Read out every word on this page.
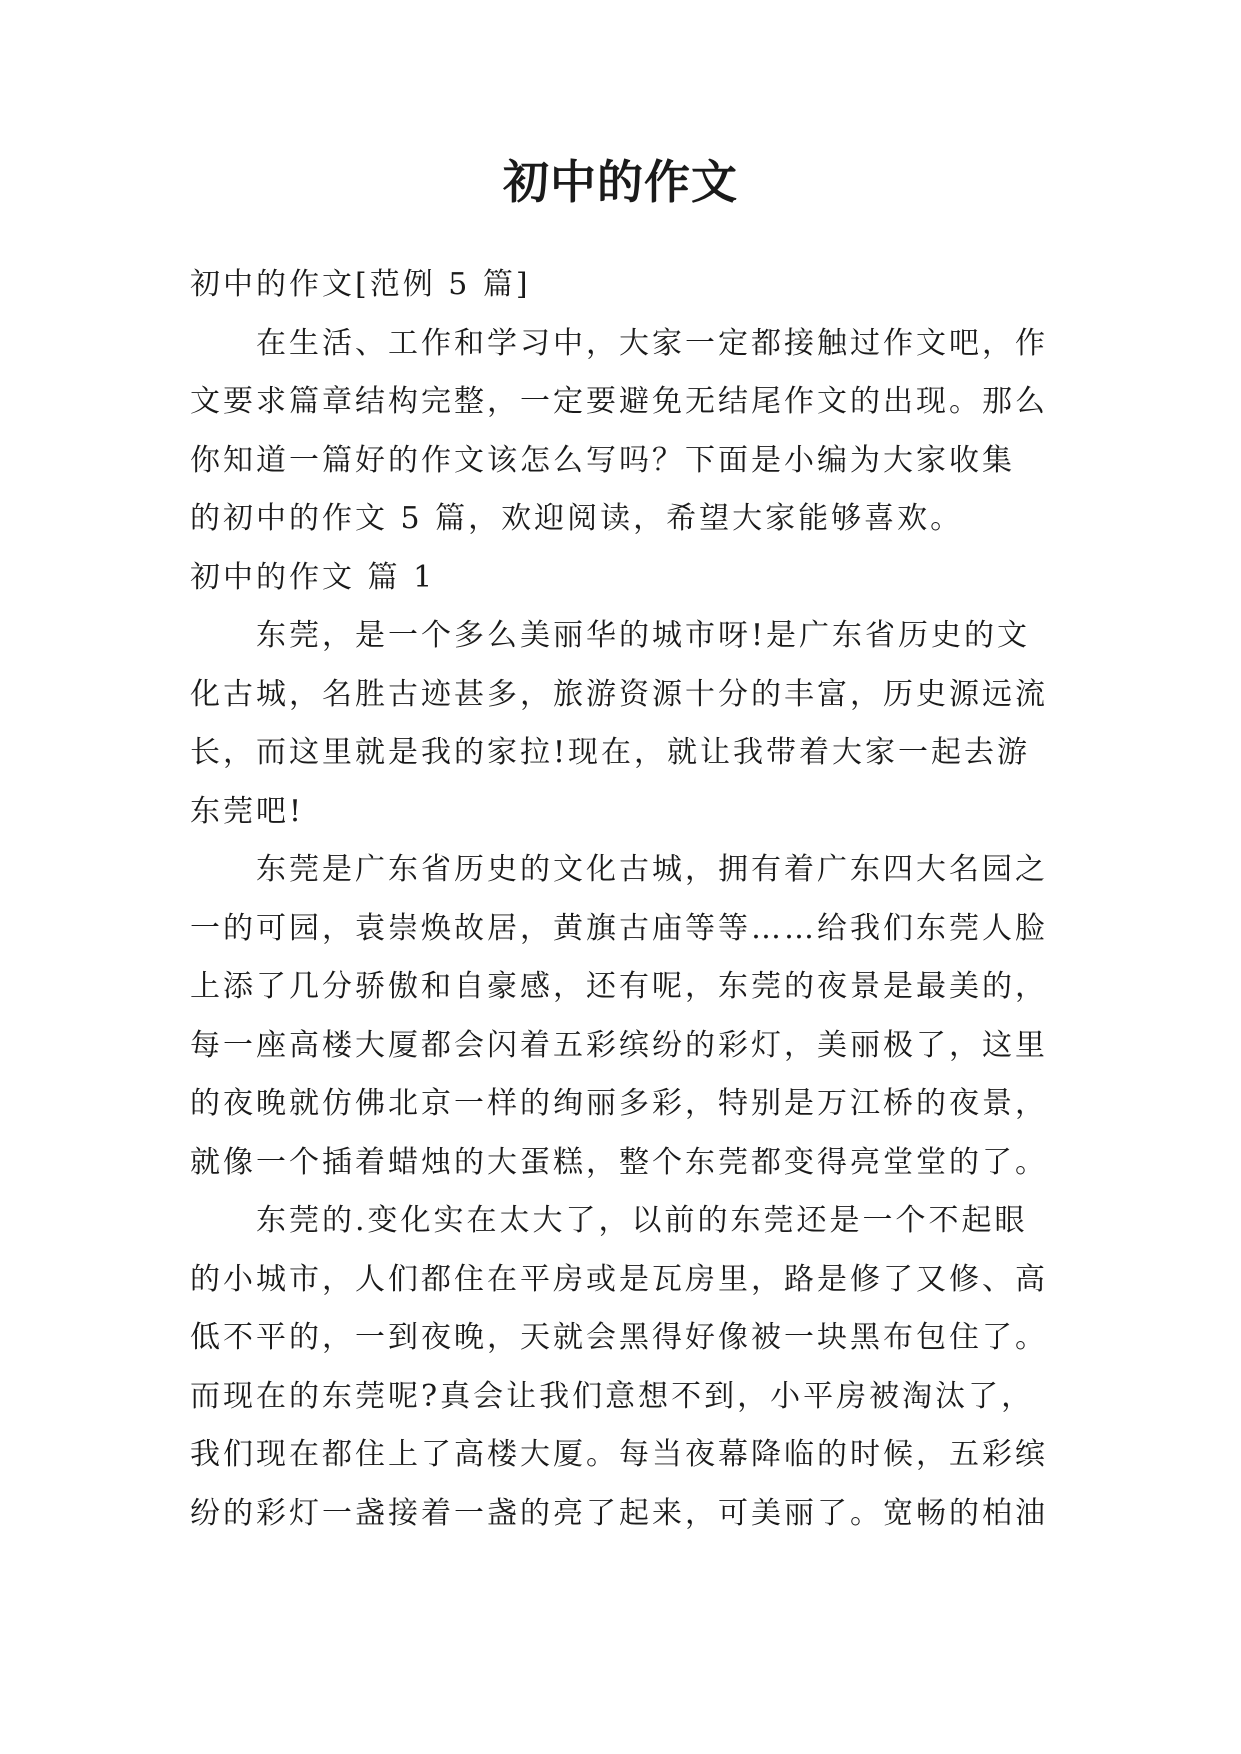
初中的作文
初中的作文[范例 5 篇]
在生活、工作和学习中，大家一定都接触过作文吧，作
文要求篇章结构完整，一定要避免无结尾作文的出现。那么
你知道一篇好的作文该怎么写吗？下面是小编为大家收集
的初中的作文 5 篇，欢迎阅读，希望大家能够喜欢。
初中的作文 篇 1
东莞，是一个多么美丽华的城市呀!是广东省历史的文
化古城，名胜古迹甚多，旅游资源十分的丰富，历史源远流
长，而这里就是我的家拉!现在，就让我带着大家一起去游
东莞吧!
东莞是广东省历史的文化古城，拥有着广东四大名园之
一的可园，袁崇焕故居，黄旗古庙等等……给我们东莞人脸
上添了几分骄傲和自豪感，还有呢，东莞的夜景是最美的，
每一座高楼大厦都会闪着五彩缤纷的彩灯，美丽极了，这里
的夜晚就仿佛北京一样的绚丽多彩，特别是万江桥的夜景，
就像一个插着蜡烛的大蛋糕，整个东莞都变得亮堂堂的了。
东莞的.变化实在太大了，以前的东莞还是一个不起眼
的小城市，人们都住在平房或是瓦房里，路是修了又修、高
低不平的，一到夜晚，天就会黑得好像被一块黑布包住了。
而现在的东莞呢?真会让我们意想不到，小平房被淘汰了，
我们现在都住上了高楼大厦。每当夜幕降临的时候，五彩缤
纷的彩灯一盏接着一盏的亮了起来，可美丽了。宽畅的柏油
